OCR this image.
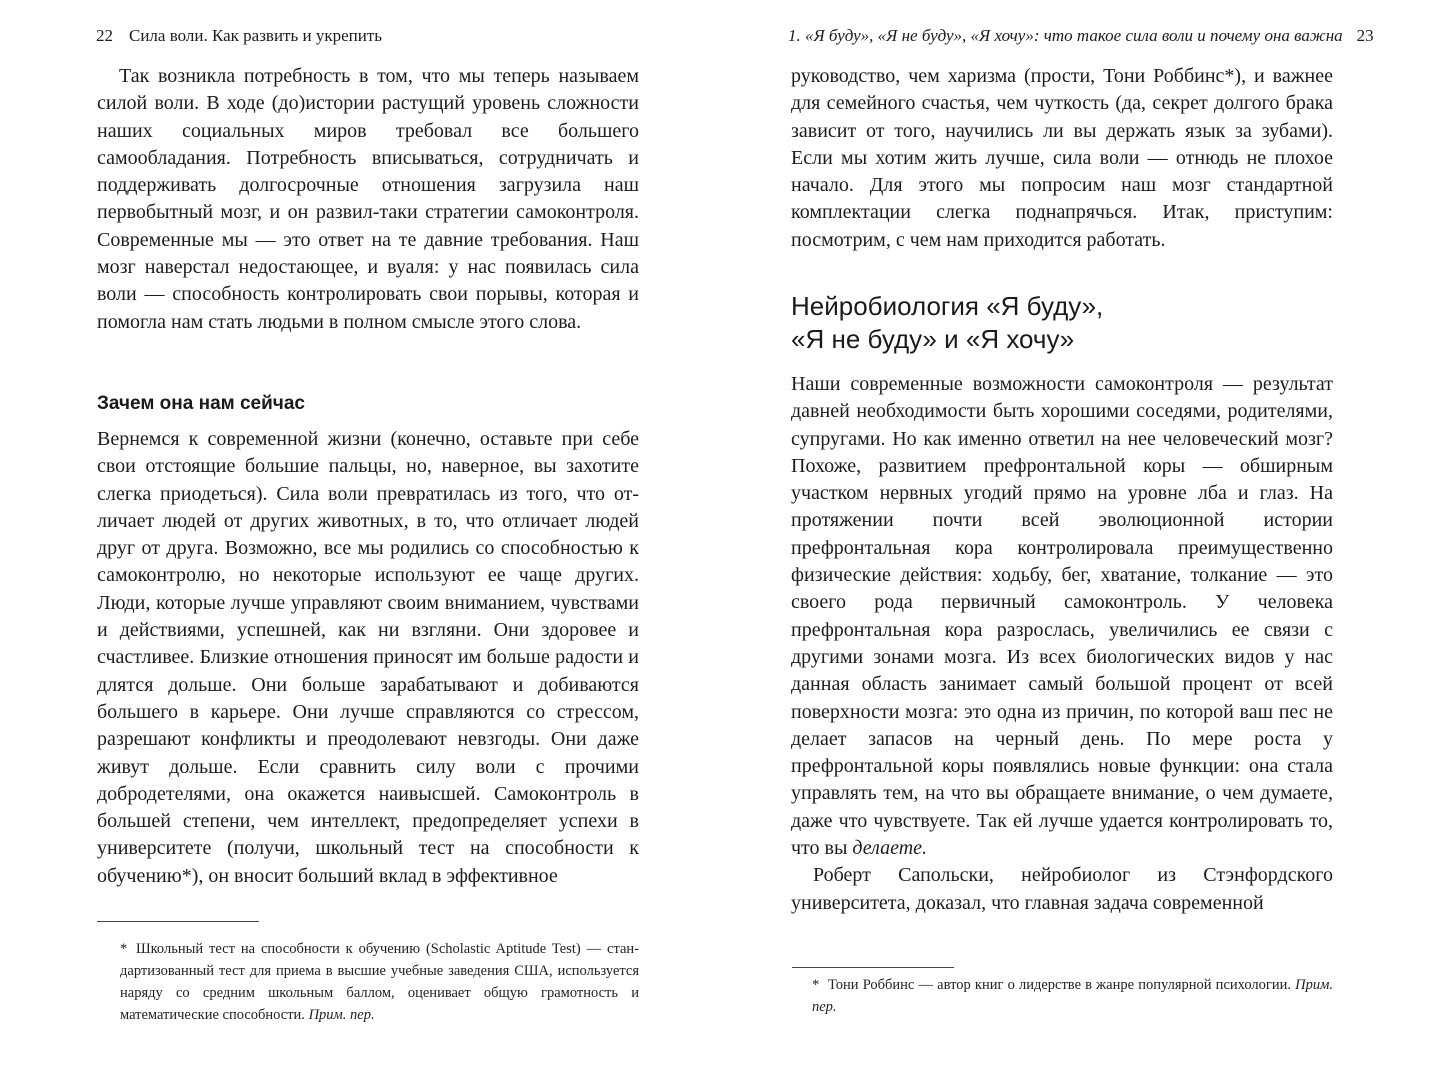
22 Сила воли. Как развить и укрепить

Так возникла потребность в том, что мы теперь называем силой воли. В ходе (до)истории растущий уровень сложности наших социальных миров требовал все большего самообладания. Потребность вписываться, сотрудничать и поддерживать долгосрочные отношения загрузила наш первобытный мозг, и он развил-таки стратегии самоконтроля. Современные мы — это ответ на те давние требования. Наш мозг наверстал недостающее, и вуаля: у нас появилась сила воли — способность контролировать свои порывы, которая и помогла нам стать людьми в полном смысле этого слова.

Зачем она нам сейчас

Вернемся к современной жизни (конечно, оставьте при себе свои отстоящие большие пальцы, но, наверное, вы захотите слегка приодеться). Сила воли превратилась из того, что отличает людей от других животных, в то, что отличает людей друг от друга. Возможно, все мы родились со способностью к самоконтролю, но некоторые используют ее чаще других. Люди, которые лучше управляют своим вниманием, чувствами и действиями, успешней, как ни взгляни. Они здоровее и счастливее. Близкие отношения приносят им больше радости и длятся дольше. Они больше зарабатывают и добиваются большего в карьере. Они лучше справляются со стрессом, разрешают конфликты и преодолевают невзгоды. Они даже живут дольше. Если сравнить силу воли с прочими добродетелями, она окажется наивысшей. Самоконтроль в большей степени, чем интеллект, предопределяет успехи в университете (получи, школьный тест на способности к обучению*), он вносит больший вклад в эффективное

* Школьный тест на способности к обучению (Scholastic Aptitude Test) — стандартизованный тест для приема в высшие учебные заведения США, используется наряду со средним школьным баллом, оценивает общую грамотность и математические способности. Прим. пер.
1. «Я буду», «Я не буду», «Я хочу»: что такое сила воли и почему она важна 23

руководство, чем харизма (прости, Тони Роббинс*), и важнее для семейного счастья, чем чуткость (да, секрет долгого брака зависит от того, научились ли вы держать язык за зубами). Если мы хотим жить лучше, сила воли — отнюдь не плохое начало. Для этого мы попросим наш мозг стандартной комплектации слегка поднапрячься. Итак, приступим: посмотрим, с чем нам приходится работать.

Нейробиология «Я буду»,
«Я не буду» и «Я хочу»

Наши современные возможности самоконтроля — результат давней необходимости быть хорошими соседями, родителями, супругами. Но как именно ответил на нее человеческий мозг? Похоже, развитием префронтальной коры — обширным участком нервных угодий прямо на уровне лба и глаз. На протяжении почти всей эволюционной истории префронтальная кора контролировала преимущественно физические действия: ходьбу, бег, хватание, толкание — это своего рода первичный самоконтроль. У человека префронтальная кора разрослась, увеличились ее связи с другими зонами мозга. Из всех биологических видов у нас данная область занимает самый большой процент от всей поверхности мозга: это одна из причин, по которой ваш пес не делает запасов на черный день. По мере роста у префронтальной коры появлялись новые функции: она стала управлять тем, на что вы обращаете внимание, о чем думаете, даже что чувствуете. Так ей лучше удается контролировать то, что вы делаете.

Роберт Сапольски, нейробиолог из Стэнфордского университета, доказал, что главная задача современной

* Тони Роббинс — автор книг о лидерстве в жанре популярной психологии. Прим. пер.
